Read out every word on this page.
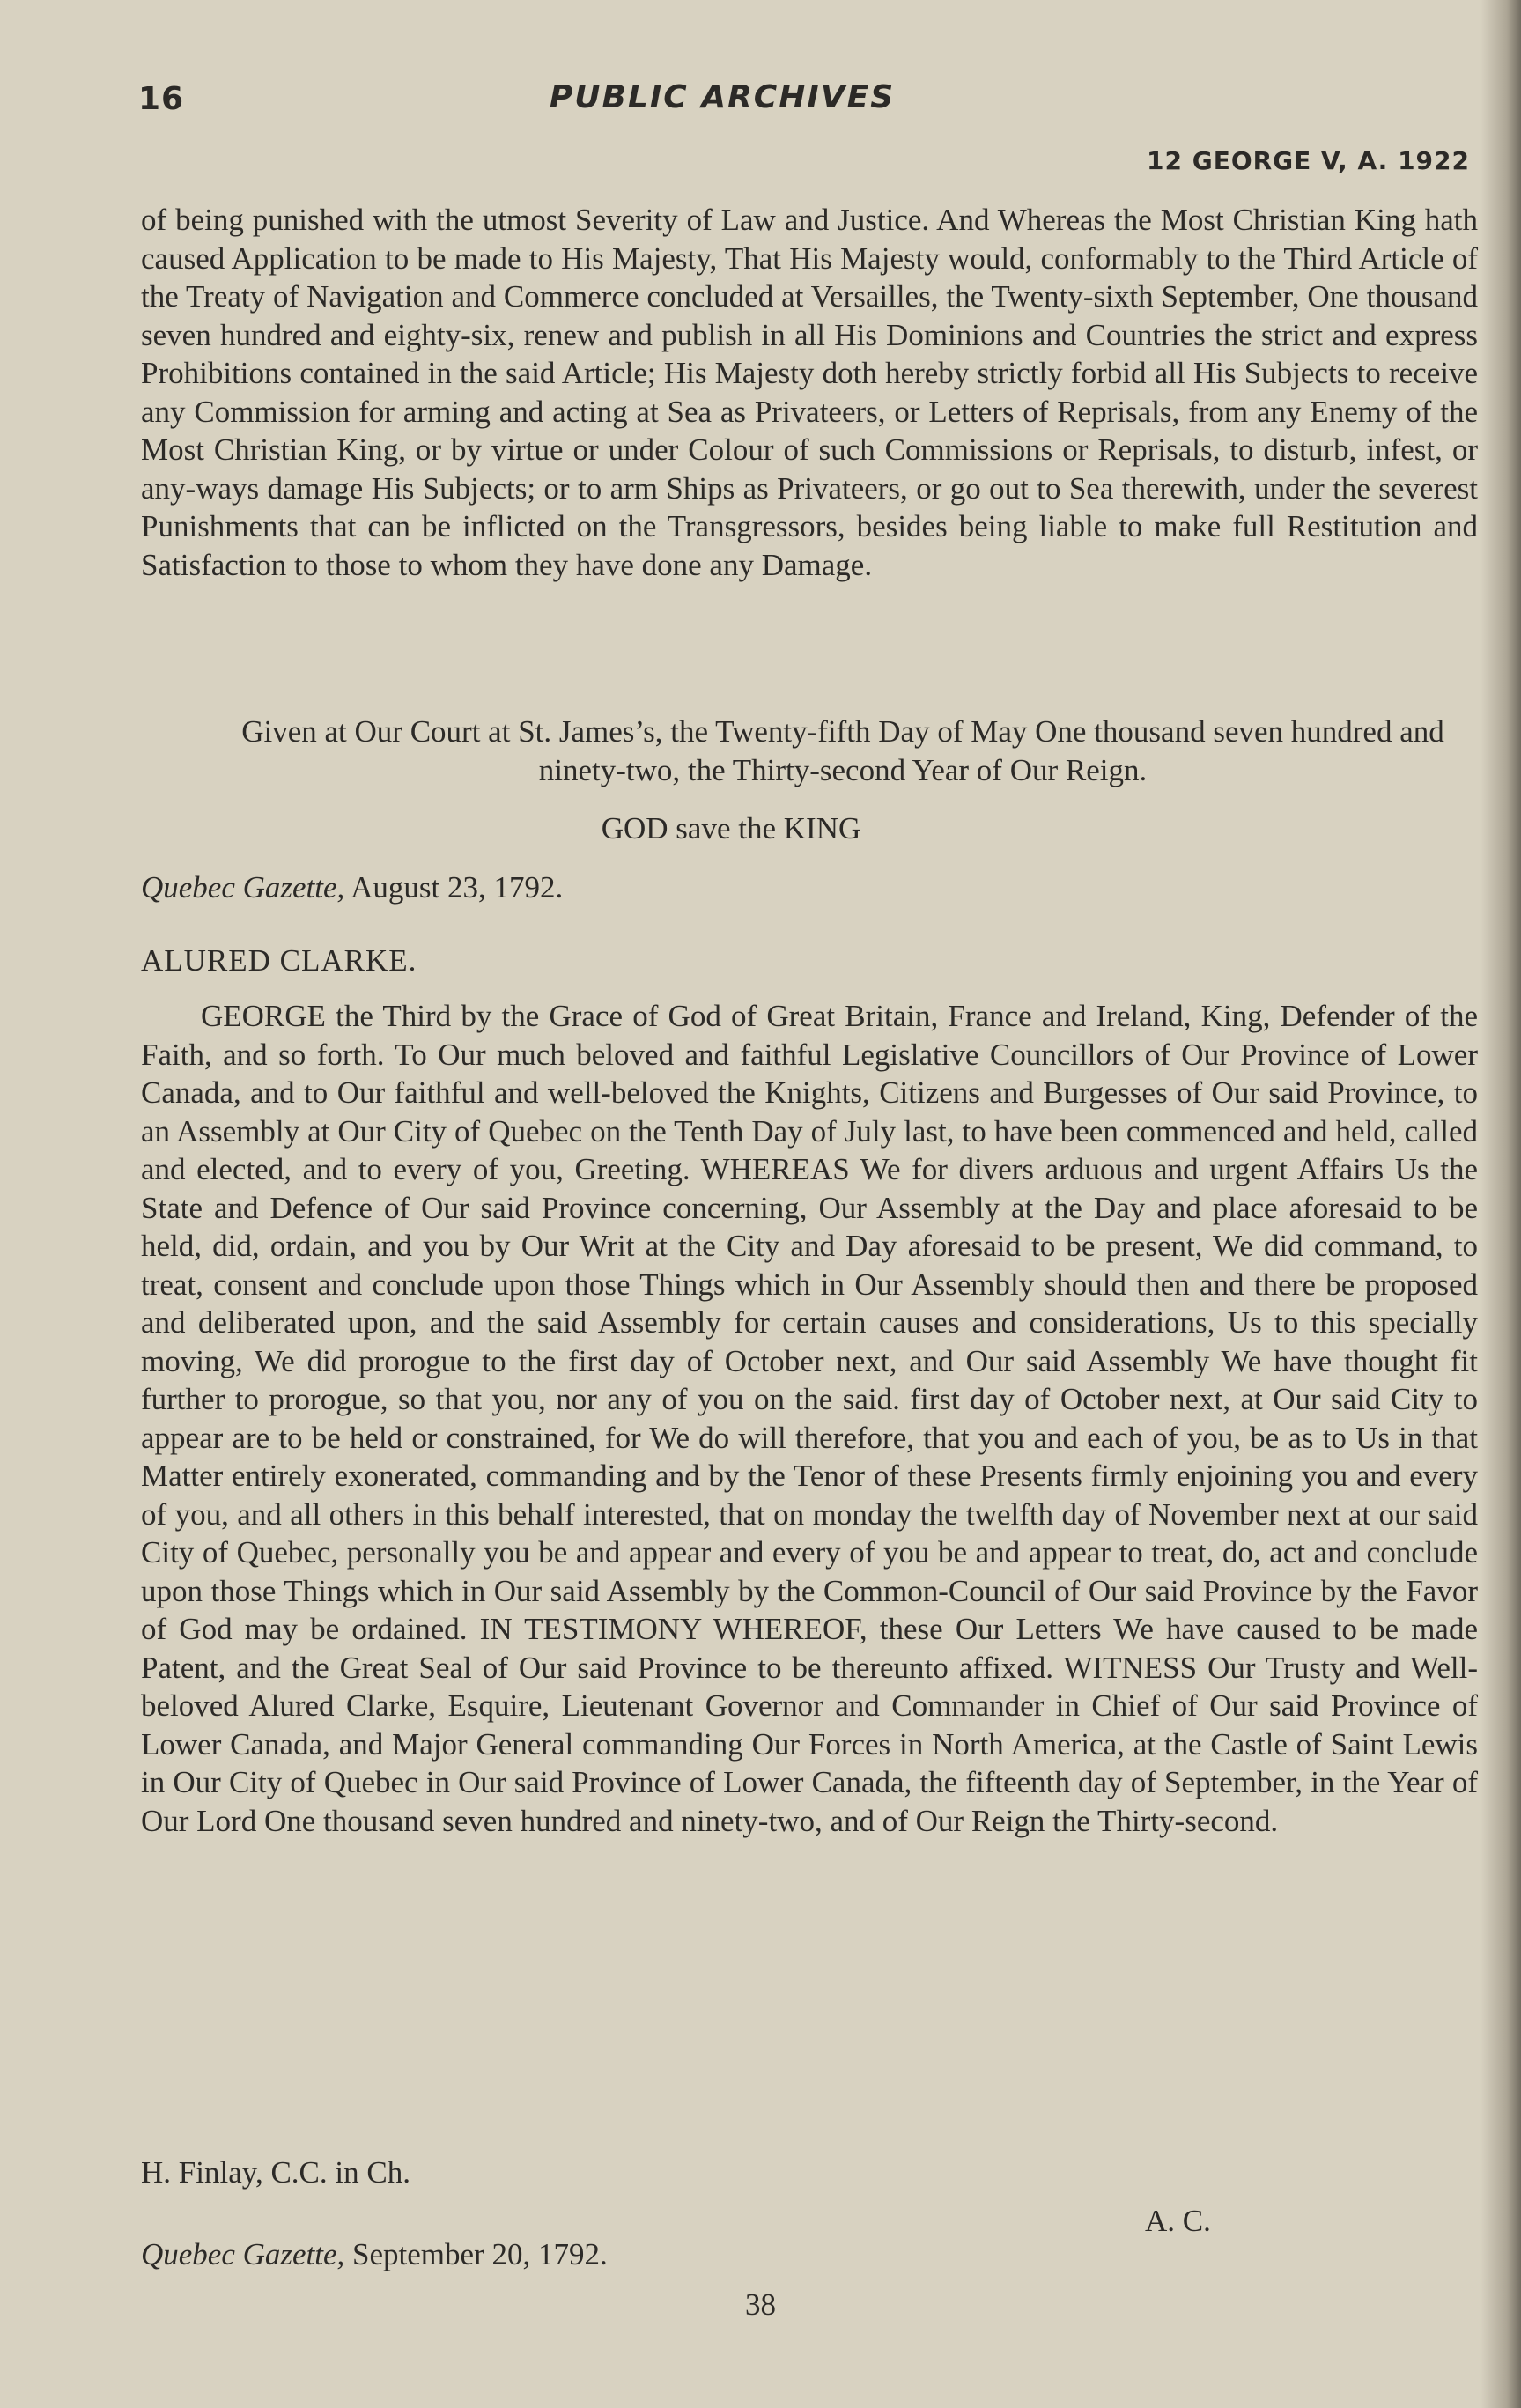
16	PUBLIC ARCHIVES
12 GEORGE V, A. 1922

of being punished with the utmost Severity of Law and Justice. And Whereas the Most Christian King hath caused Application to be made to His Majesty, That His Majesty would, conformably to the Third Article of the Treaty of Navigation and Commerce concluded at Versailles, the Twenty-sixth September, One thousand seven hundred and eighty-six, renew and publish in all His Dominions and Countries the strict and express Prohibitions contained in the said Article; His Majesty doth hereby strictly forbid all His Subjects to receive any Commission for arming and acting at Sea as Privateers, or Letters of Reprisals, from any Enemy of the Most Christian King, or by virtue or under Colour of such Commissions or Reprisals, to disturb, infest, or any-ways damage His Subjects; or to arm Ships as Privateers, or go out to Sea therewith, under the severest Punishments that can be inflicted on the Transgressors, besides being liable to make full Restitution and Satisfaction to those to whom they have done any Damage.

Given at Our Court at St. James’s, the Twenty-fifth Day of May One thousand seven hundred and ninety-two, the Thirty-second Year of Our Reign.

GOD save the KING
Quebec Gazette, August 23, 1792.
ALURED CLARKE.

GEORGE the Third by the Grace of God of Great Britain, France and Ireland, King, Defender of the Faith, and so forth. To Our much beloved and faithful Legislative Councillors of Our Province of Lower Canada, and to Our faithful and well-beloved the Knights, Citizens and Burgesses of Our said Province, to an Assembly at Our City of Quebec on the Tenth Day of July last, to have been commenced and held, called and elected, and to every of you, Greeting. WHEREAS We for divers arduous and urgent Affairs Us the State and Defence of Our said Province concerning, Our Assembly at the Day and place aforesaid to be held, did, ordain, and you by Our Writ at the City and Day aforesaid to be present, We did command, to treat, consent and conclude upon those Things which in Our Assembly should then and there be proposed and deliberated upon, and the said Assembly for certain causes and considerations, Us to this specially moving, We did prorogue to the first day of October next, and Our said Assembly We have thought fit further to prorogue, so that you, nor any of you on the said. first day of October next, at Our said City to appear are to be held or constrained, for We do will therefore, that you and each of you, be as to Us in that Matter entirely exonerated, commanding and by the Tenor of these Presents firmly enjoining you and every of you, and all others in this behalf interested, that on monday the twelfth day of November next at our said City of Quebec, personally you be and appear and every of you be and appear to treat, do, act and conclude upon those Things which in Our said Assembly by the Common-Council of Our said Province by the Favor of God may be ordained. IN TESTIMONY WHEREOF, these Our Letters We have caused to be made Patent, and the Great Seal of Our said Province to be thereunto affixed. WITNESS Our Trusty and Well-beloved Alured Clarke, Esquire, Lieutenant Governor and Commander in Chief of Our said Province of Lower Canada, and Major General commanding Our Forces in North America, at the Castle of Saint Lewis in Our City of Quebec in Our said Province of Lower Canada, the fifteenth day of September, in the Year of Our Lord One thousand seven hundred and ninety-two, and of Our Reign the Thirty-second.

H. Finlay, C.C. in Ch.
A. C.
Quebec Gazette, September 20, 1792.
38
